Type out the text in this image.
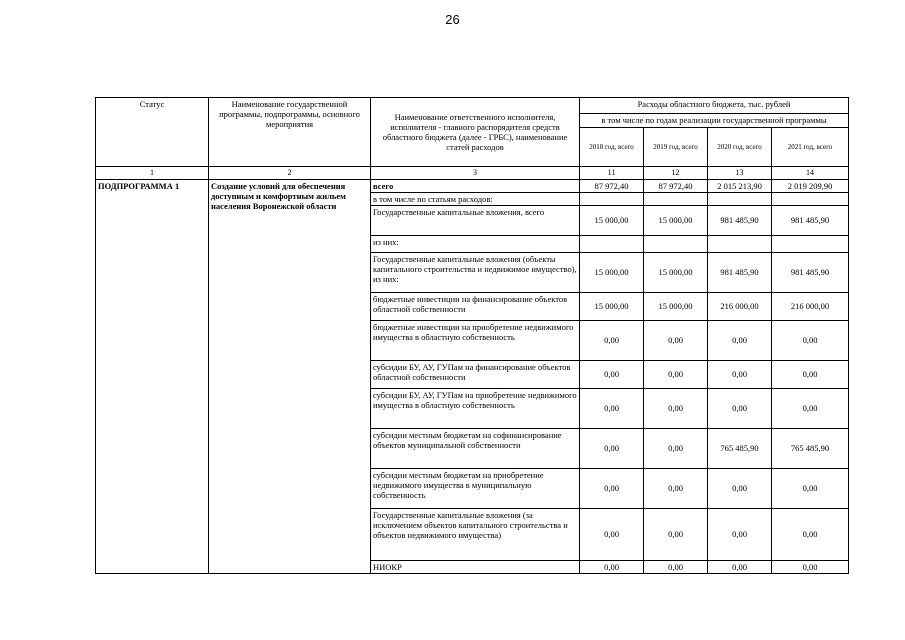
26
Статус	Наименование государственной программы, подпрограммы, основного мероприятия	Наименование ответственного исполнителя, исполнителя - главного распорядителя средств областного бюджета (далее - ГРБС), наименование статей расходов	Расходы областного бюджета, тыс. рублей			
			в том числе по годам реализации государственной программы			
			2018 год, всего	2019 год, всего	2020 год, всего	2021 год, всего
1	2	3	11	12	13	14
ПОДПРОГРАММА 1	Создание условий для обеспечения доступным и комфортным жильем населения Воронежской области	всего	87 972,40	87 972,40	2 015 213,90	2 019 209,90
		в том числе по статьям расходов:				
		Государственные капитальные вложения, всего	15 000,00	15 000,00	981 485,90	981 485,90
		из них:				
		Государственные капитальные вложения (объекты капитального строительства и недвижимое имущество), из них:	15 000,00	15 000,00	981 485,90	981 485,90
		бюджетные инвестиции на финансирование объектов областной собственности	15 000,00	15 000,00	216 000,00	216 000,00
		бюджетные инвестиции на приобретение недвижимого имущества в областную собственность	0,00	0,00	0,00	0,00
		субсидии БУ, АУ, ГУПам на финансирование объектов областной собственности	0,00	0,00	0,00	0,00
		субсидии БУ, АУ, ГУПам на приобретение недвижимого имущества в областную собственность	0,00	0,00	0,00	0,00
		субсидии местным бюджетам на софинансирование объектов муниципальной собственности	0,00	0,00	765 485,90	765 485,90
		субсидии местным бюджетам на приобретение недвижимого имущества в муниципальную собственность	0,00	0,00	0,00	0,00
		Государственные капитальные вложения (за исключением объектов капитального строительства и объектов недвижимого имущества)	0,00	0,00	0,00	0,00
		НИОКР	0,00	0,00	0,00	0,00
